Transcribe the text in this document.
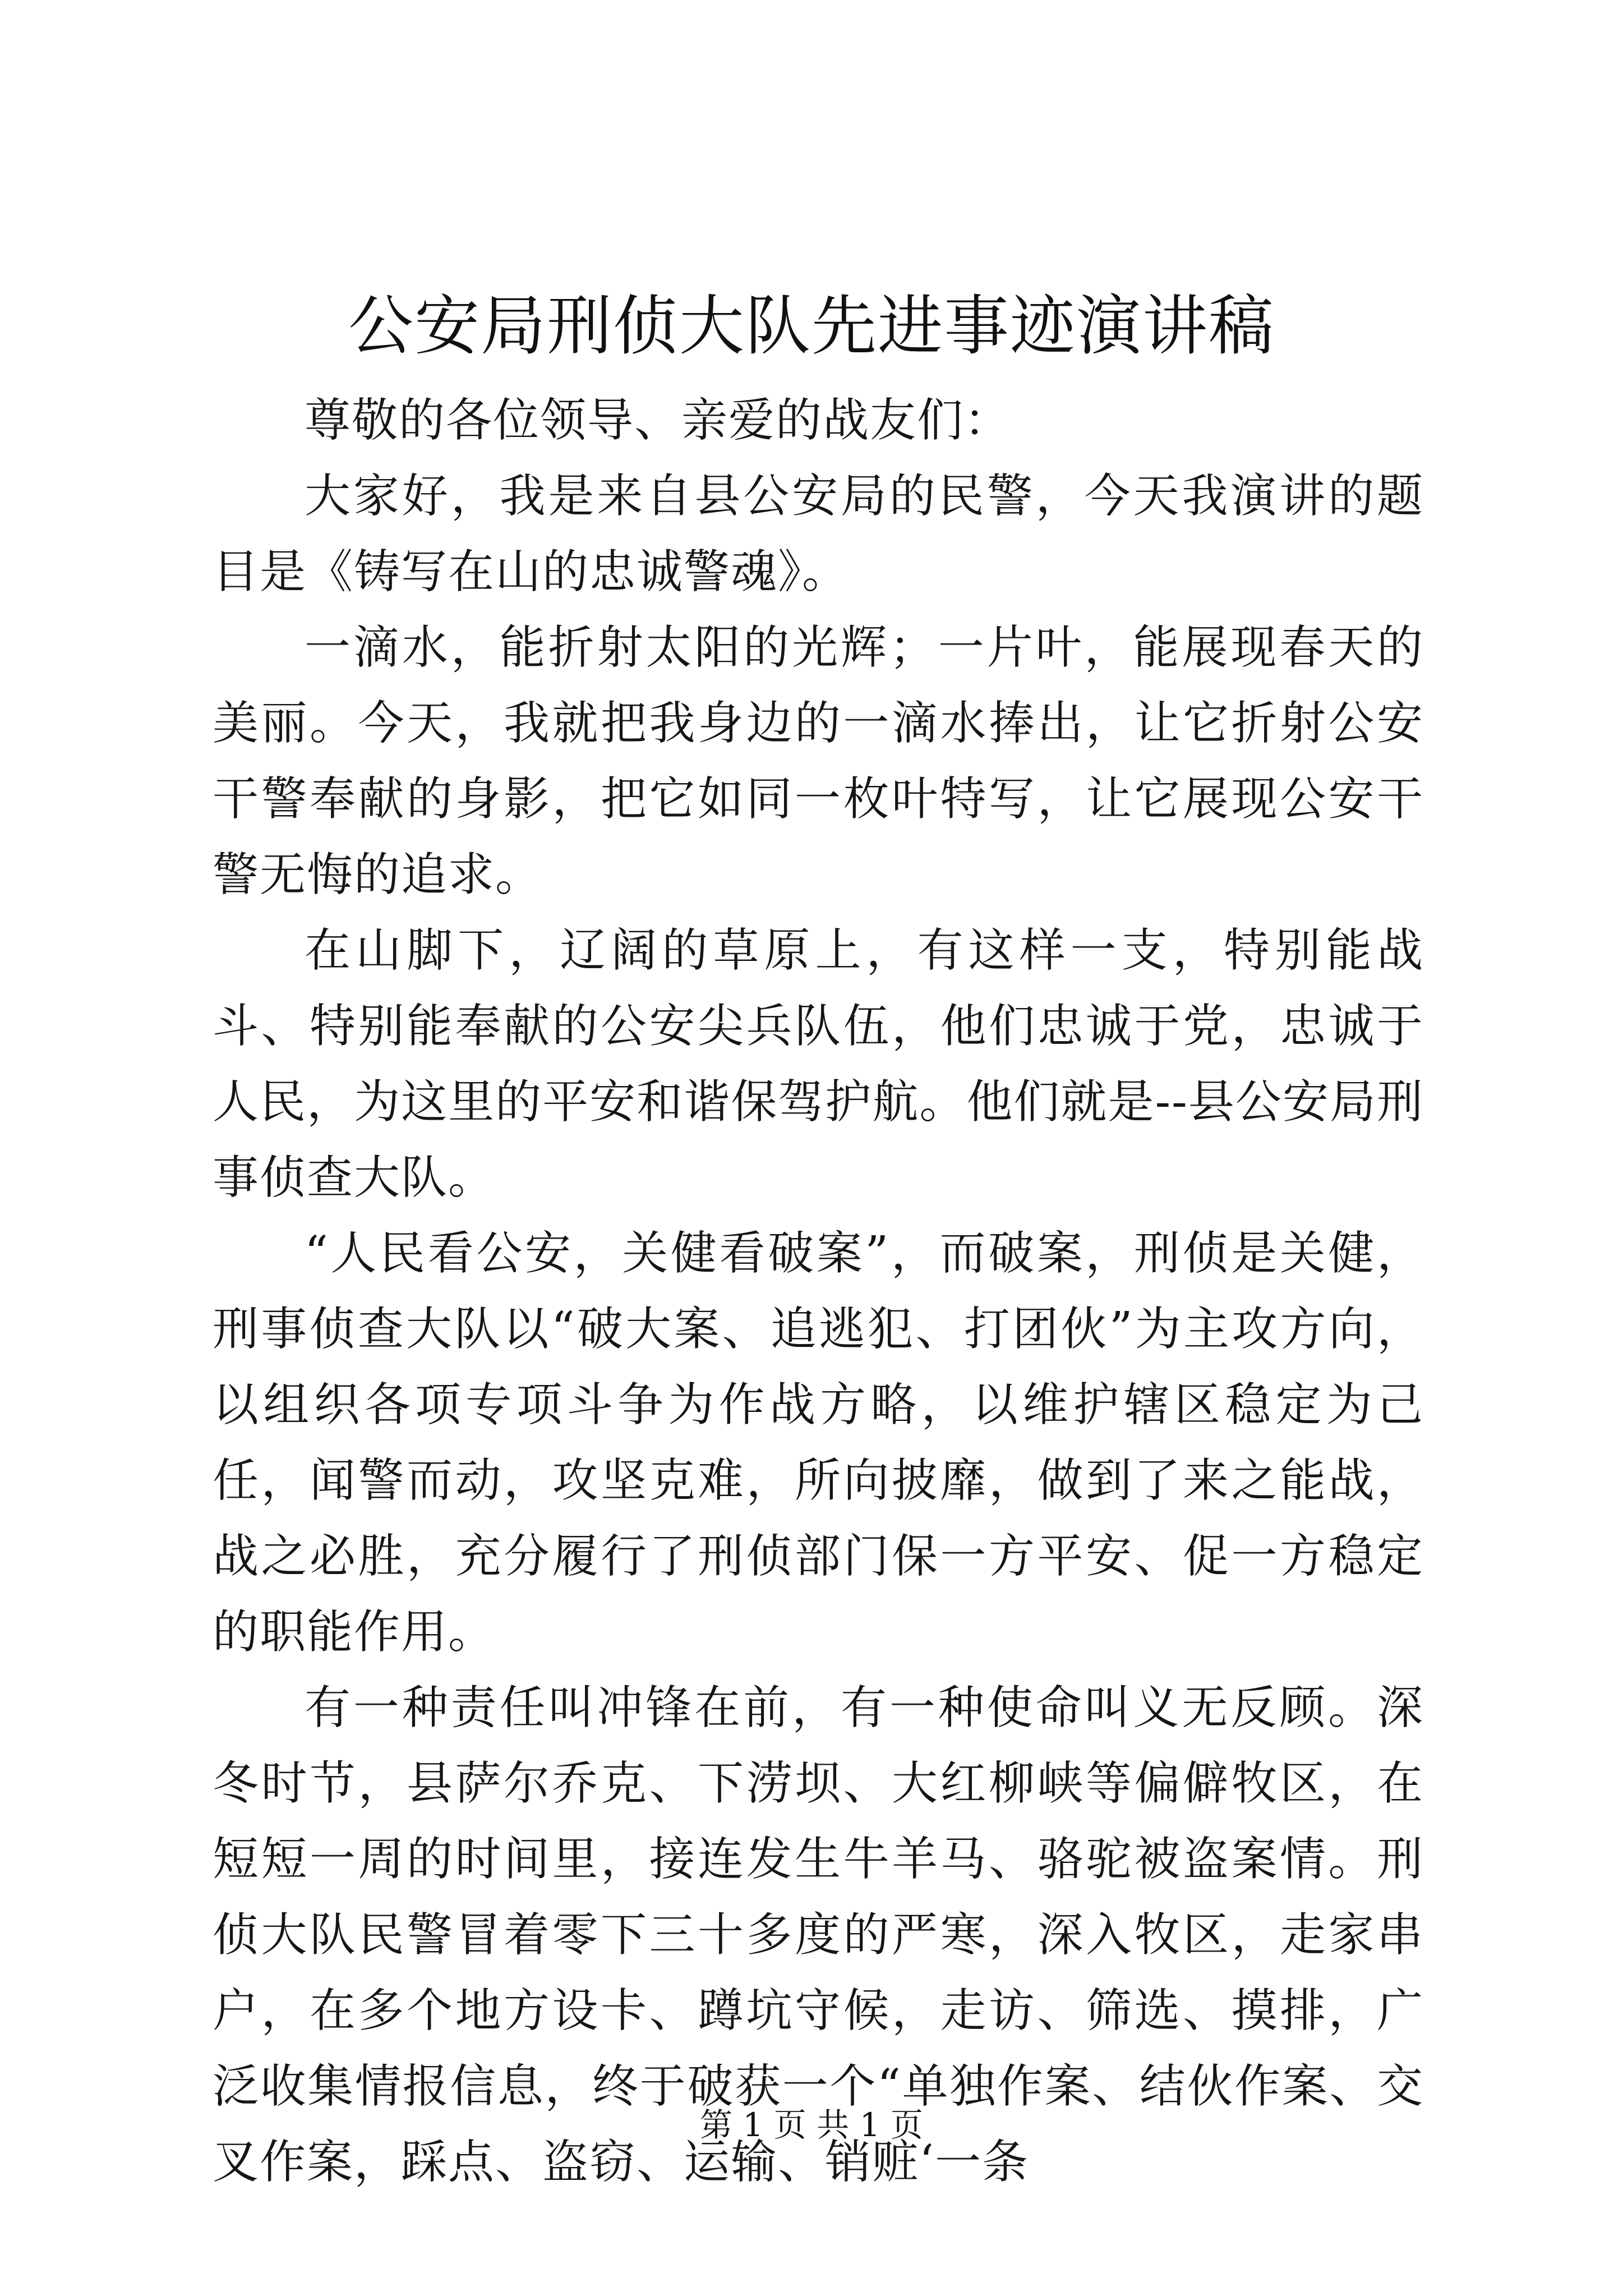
公安局刑侦大队先进事迹演讲稿

尊敬的各位领导、亲爱的战友们：

大家好，我是来自县公安局的民警，今天我演讲的题目是《铸写在山的忠诚警魂》。

一滴水，能折射太阳的光辉；一片叶，能展现春天的美丽。今天，我就把我身边的一滴水捧出，让它折射公安干警奉献的身影，把它如同一枚叶特写，让它展现公安干警无悔的追求。

在山脚下，辽阔的草原上，有这样一支，特别能战斗、特别能奉献的公安尖兵队伍，他们忠诚于党，忠诚于人民，为这里的平安和谐保驾护航。他们就是--县公安局刑事侦查大队。

“人民看公安，关健看破案”，而破案，刑侦是关健，刑事侦查大队以“破大案、追逃犯、打团伙”为主攻方向，以组织各项专项斗争为作战方略，以维护辖区稳定为己任，闻警而动，攻坚克难，所向披靡，做到了来之能战，战之必胜，充分履行了刑侦部门保一方平安、促一方稳定的职能作用。

有一种责任叫冲锋在前，有一种使命叫义无反顾。深冬时节，县萨尔乔克、下涝坝、大红柳峡等偏僻牧区，在短短一周的时间里，接连发生牛羊马、骆驼被盗案情。刑侦大队民警冒着零下三十多度的严寒，深入牧区，走家串户，在多个地方设卡、蹲坑守候，走访、筛选、摸排，广泛收集情报信息，终于破获一个“单独作案、结伙作案、交叉作案，踩点、盗窃、运输、销赃‘一条

第 1 页 共 1 页
